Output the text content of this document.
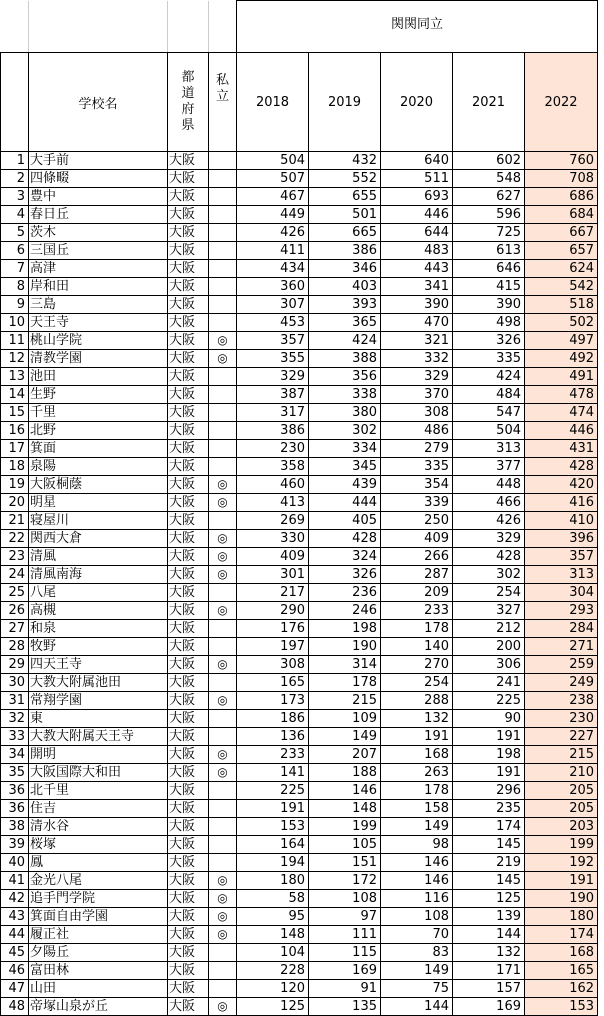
				関関同立				
	学校名	都道府県	私立	2018	2019	2020	2021	2022
1	大手前	大阪		504	432	640	602	760
2	四條畷	大阪		507	552	511	548	708
3	豊中	大阪		467	655	693	627	686
4	春日丘	大阪		449	501	446	596	684
5	茨木	大阪		426	665	644	725	667
6	三国丘	大阪		411	386	483	613	657
7	高津	大阪		434	346	443	646	624
8	岸和田	大阪		360	403	341	415	542
9	三島	大阪		307	393	390	390	518
10	天王寺	大阪		453	365	470	498	502
11	桃山学院	大阪	◎	357	424	321	326	497
12	清教学園	大阪	◎	355	388	332	335	492
13	池田	大阪		329	356	329	424	491
14	生野	大阪		387	338	370	484	478
15	千里	大阪		317	380	308	547	474
16	北野	大阪		386	302	486	504	446
17	箕面	大阪		230	334	279	313	431
18	泉陽	大阪		358	345	335	377	428
19	大阪桐蔭	大阪	◎	460	439	354	448	420
20	明星	大阪	◎	413	444	339	466	416
21	寝屋川	大阪		269	405	250	426	410
22	関西大倉	大阪	◎	330	428	409	329	396
23	清風	大阪	◎	409	324	266	428	357
24	清風南海	大阪	◎	301	326	287	302	313
25	八尾	大阪		217	236	209	254	304
26	高槻	大阪	◎	290	246	233	327	293
27	和泉	大阪		176	198	178	212	284
28	牧野	大阪		197	190	140	200	271
29	四天王寺	大阪	◎	308	314	270	306	259
30	大教大附属池田	大阪		165	178	254	241	249
31	常翔学園	大阪	◎	173	215	288	225	238
32	東	大阪		186	109	132	90	230
33	大教大附属天王寺	大阪		136	149	191	191	227
34	開明	大阪	◎	233	207	168	198	215
35	大阪国際大和田	大阪	◎	141	188	263	191	210
36	北千里	大阪		225	146	178	296	205
36	住吉	大阪		191	148	158	235	205
38	清水谷	大阪		153	199	149	174	203
39	桜塚	大阪		164	105	98	145	199
40	鳳	大阪		194	151	146	219	192
41	金光八尾	大阪	◎	180	172	146	145	191
42	追手門学院	大阪	◎	58	108	116	125	190
43	箕面自由学園	大阪	◎	95	97	108	139	180
44	履正社	大阪	◎	148	111	70	144	174
45	夕陽丘	大阪		104	115	83	132	168
46	富田林	大阪		228	169	149	171	165
47	山田	大阪		120	91	75	157	162
48	帝塚山泉が丘	大阪	◎	125	135	144	169	153
